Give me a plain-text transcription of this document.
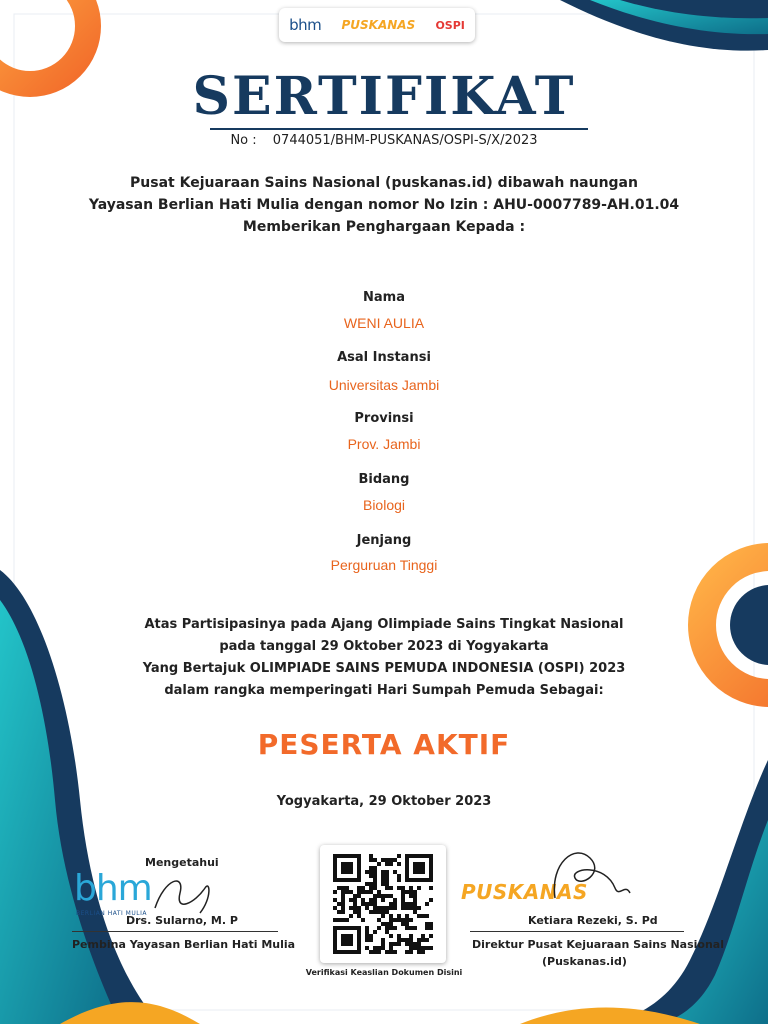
bhm PUSKANAS OSPI
SERTIFIKAT
No : 0744051/BHM-PUSKANAS/OSPI-S/X/2023
Pusat Kejuaraan Sains Nasional (puskanas.id) dibawah naungan
Yayasan Berlian Hati Mulia dengan nomor No Izin : AHU-0007789-AH.01.04
Memberikan Penghargaan Kepada :
Nama
WENI AULIA
Asal Instansi
Universitas Jambi
Provinsi
Prov. Jambi
Bidang
Biologi
Jenjang
Perguruan Tinggi
Atas Partisipasinya pada Ajang Olimpiade Sains Tingkat Nasional
pada tanggal 29 Oktober 2023 di Yogyakarta
Yang Bertajuk OLIMPIADE SAINS PEMUDA INDONESIA (OSPI) 2023
dalam rangka memperingati Hari Sumpah Pemuda Sebagai:
PESERTA AKTIF
Yogyakarta, 29 Oktober 2023
Mengetahui
bhm
BERLIAN HATI MULIA
Drs. Sularno, M. P
Pembina Yayasan Berlian Hati Mulia
Verifikasi Keaslian Dokumen Disini
PUSKANAS
Ketiara Rezeki, S. Pd
Direktur Pusat Kejuaraan Sains Nasional
(Puskanas.id)
